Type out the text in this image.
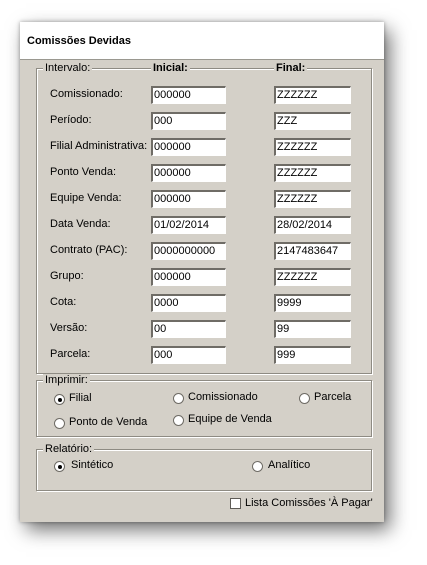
Comissões Devidas
Intervalo:	Inicial:	Final:
Comissionado:	000000	ZZZZZZ
Período:	000	ZZZ
Filial Administrativa: 000000	ZZZZZZ
Ponto Venda:	000000	ZZZZZZ
Equipe Venda:	000000	ZZZZZZ
Data Venda:	01/02/2014	28/02/2014
Contrato (PAC): 0000000000	2147483647
Grupo:	000000	ZZZZZZ
Cota:	0000	9999
Versão:	00	99
Parcela:	000	999
Imprimir:
Filial	Comissionado	Parcela
Ponto de Venda	Equipe de Venda
Relatório:
Sintético	Analítico
Lista Comissões 'À Pagar'
